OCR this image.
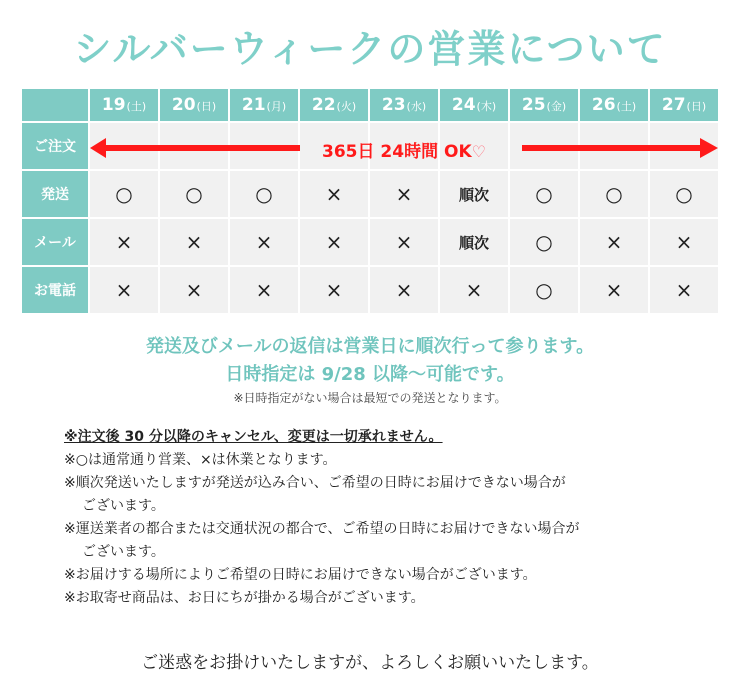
シルバーウィークの営業について
	19(土)	20(日)	21(月)	22(火)	23(水)	24(木)	25(金)	26(土)	27(日)
ご注文									
発送	○	○	○	×	×	順次	○	○	○
メール	×	×	×	×	×	順次	○	×	×
お電話	×	×	×	×	×	×	○	×	×
365日 24時間 OK♡
発送及びメールの返信は営業日に順次行って参ります。
日時指定は 9/28 以降〜可能です。
※日時指定がない場合は最短での発送となります。
※注文後 30 分以降のキャンセル、変更は一切承れません。
※○は通常通り営業、×は休業となります。
※順次発送いたしますが発送が込み合い、ご希望の日時にお届けできない場合が
ございます。
※運送業者の都合または交通状況の都合で、ご希望の日時にお届けできない場合が
ございます。
※お届けする場所によりご希望の日時にお届けできない場合がございます。
※お取寄せ商品は、お日にちが掛かる場合がございます。
ご迷惑をお掛けいたしますが、よろしくお願いいたします。
